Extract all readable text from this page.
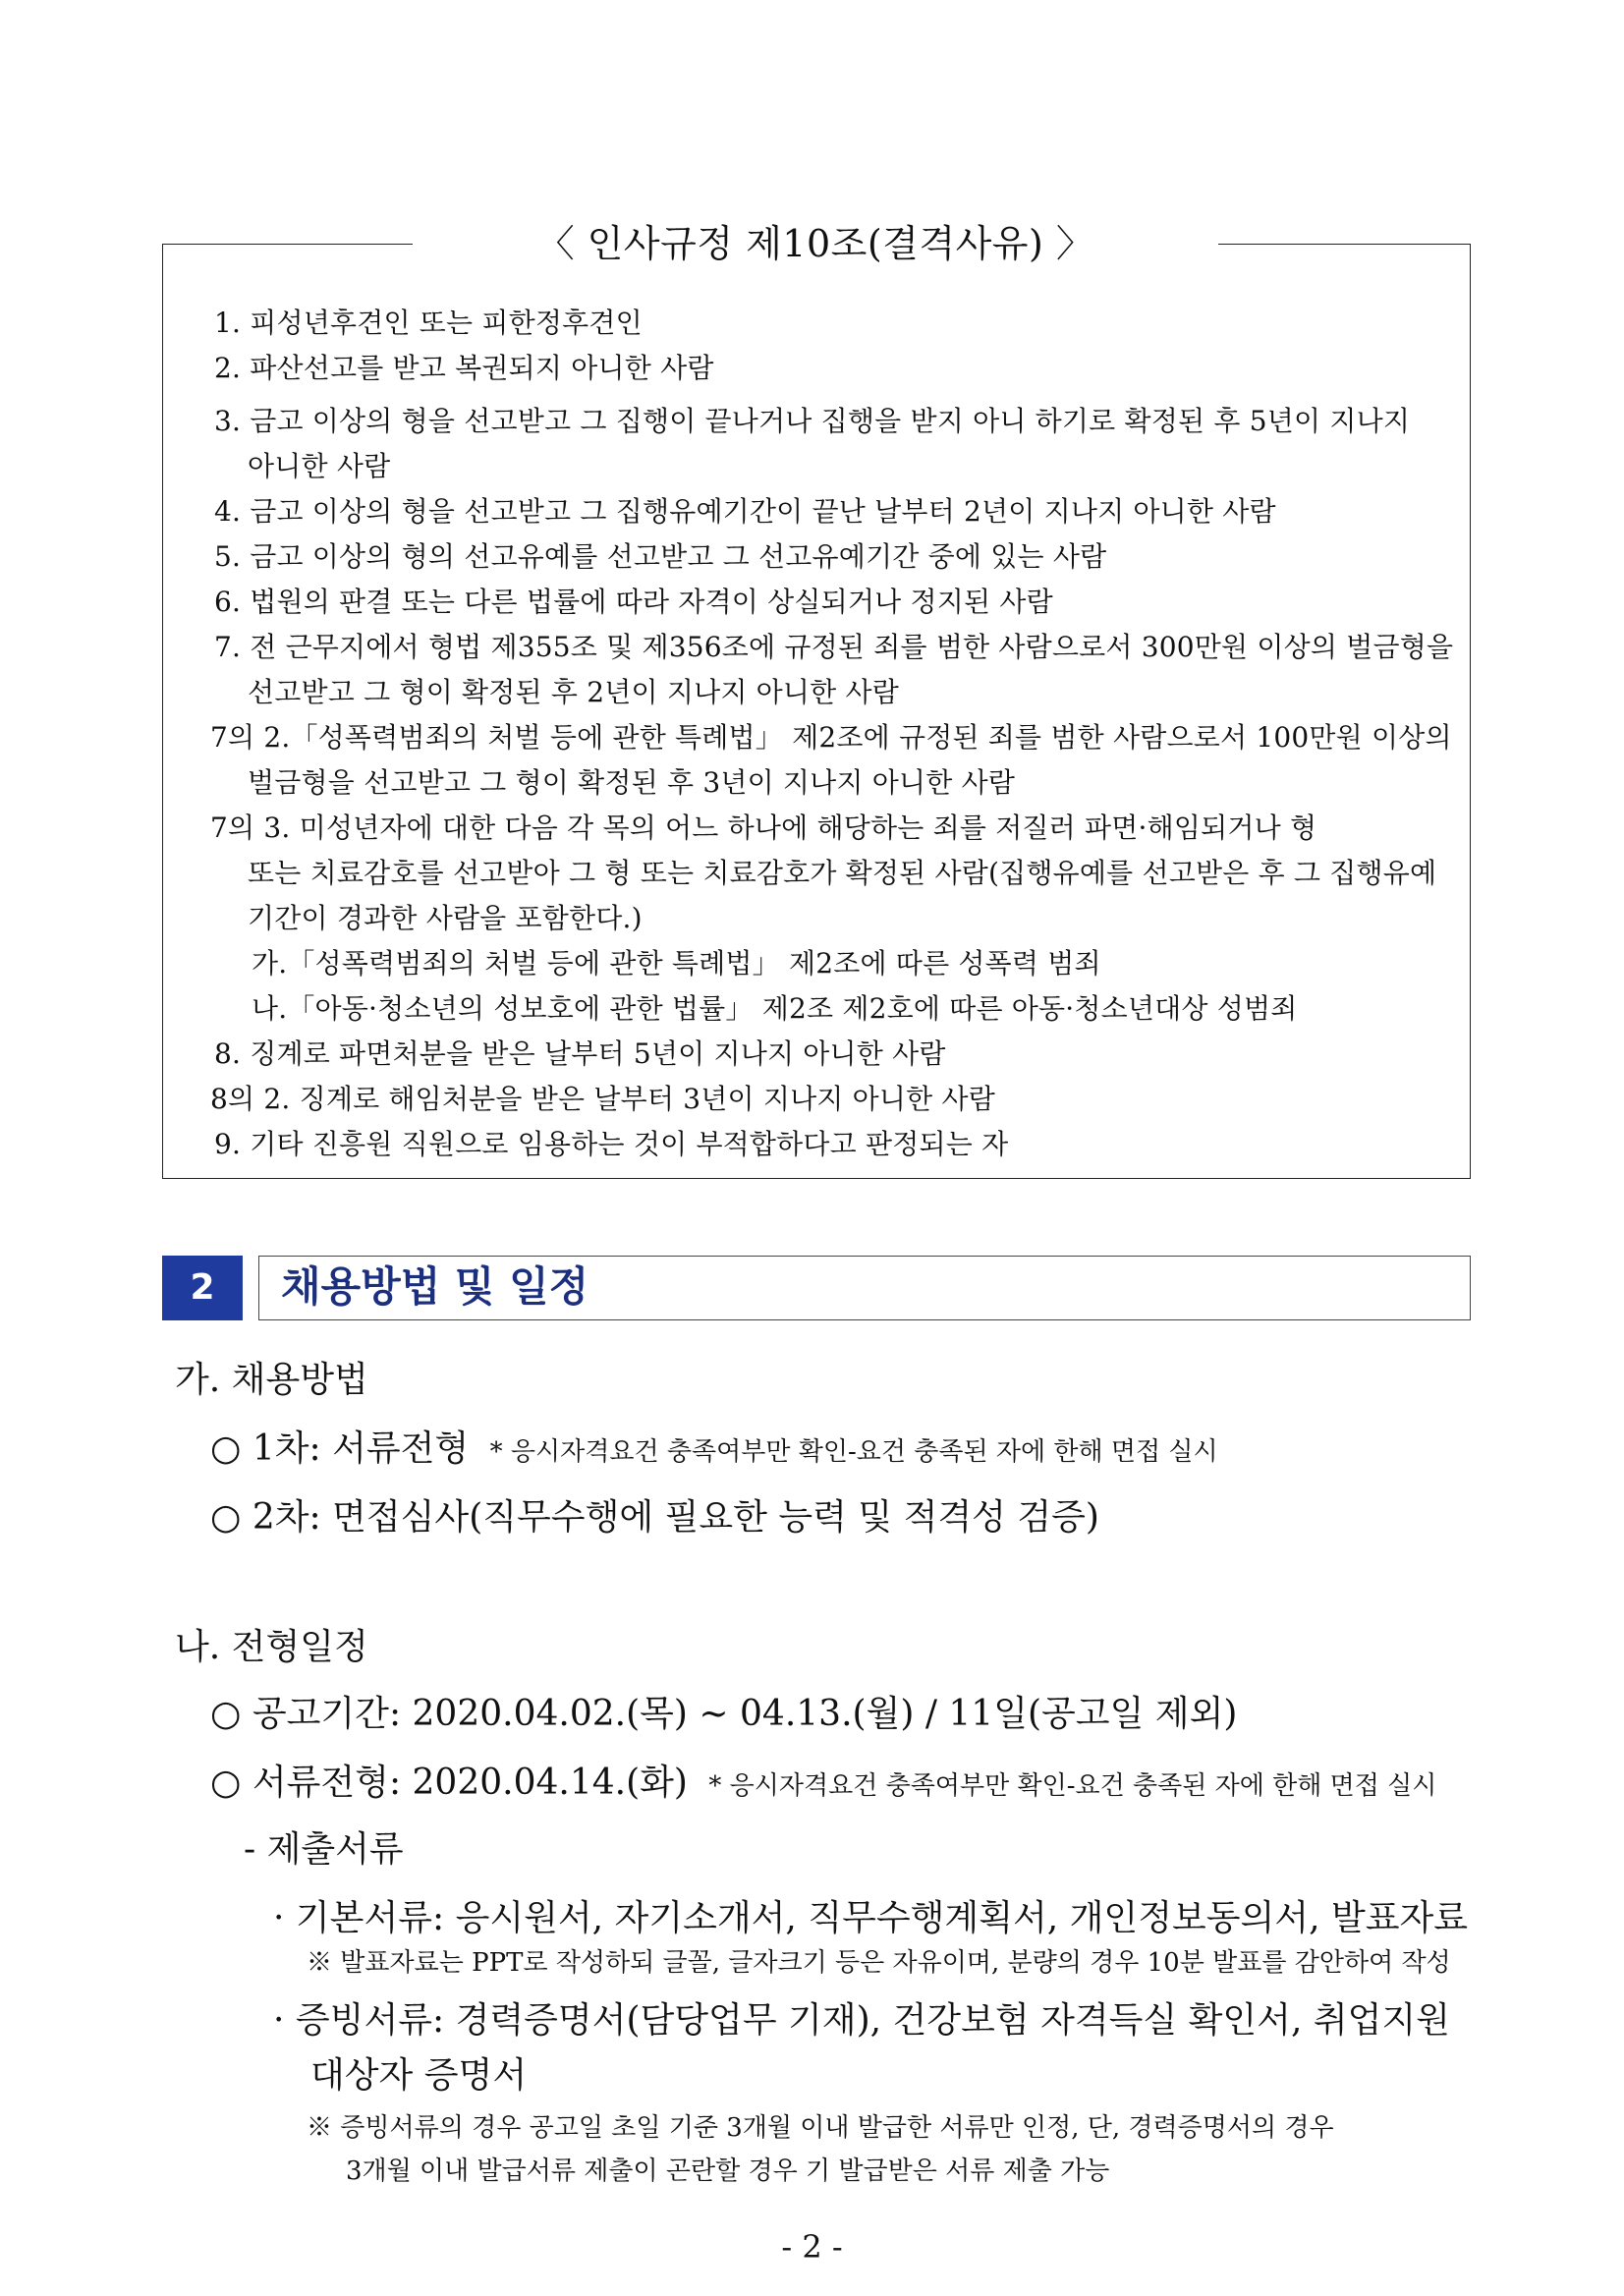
〈 인사규정 제10조(결격사유) 〉
1. 피성년후견인 또는 피한정후견인
2. 파산선고를 받고 복권되지 아니한 사람
3. 금고 이상의 형을 선고받고 그 집행이 끝나거나 집행을 받지 아니 하기로 확정된 후 5년이 지나지
아니한 사람
4. 금고 이상의 형을 선고받고 그 집행유예기간이 끝난 날부터 2년이 지나지 아니한 사람
5. 금고 이상의 형의 선고유예를 선고받고 그 선고유예기간 중에 있는 사람
6. 법원의 판결 또는 다른 법률에 따라 자격이 상실되거나 정지된 사람
7. 전 근무지에서 형법 제355조 및 제356조에 규정된 죄를 범한 사람으로서 300만원 이상의 벌금형을
선고받고 그 형이 확정된 후 2년이 지나지 아니한 사람
7의 2.「성폭력범죄의 처벌 등에 관한 특례법」 제2조에 규정된 죄를 범한 사람으로서 100만원 이상의
벌금형을 선고받고 그 형이 확정된 후 3년이 지나지 아니한 사람
7의 3. 미성년자에 대한 다음 각 목의 어느 하나에 해당하는 죄를 저질러 파면·해임되거나 형
또는 치료감호를 선고받아 그 형 또는 치료감호가 확정된 사람(집행유예를 선고받은 후 그 집행유예
기간이 경과한 사람을 포함한다.)
가.「성폭력범죄의 처벌 등에 관한 특례법」 제2조에 따른 성폭력 범죄
나.「아동·청소년의 성보호에 관한 법률」 제2조 제2호에 따른 아동·청소년대상 성범죄
8. 징계로 파면처분을 받은 날부터 5년이 지나지 아니한 사람
8의 2. 징계로 해임처분을 받은 날부터 3년이 지나지 아니한 사람
9. 기타 진흥원 직원으로 임용하는 것이 부적합하다고 판정되는 자
2	채용방법 및 일정
가. 채용방법
○ 1차: 서류전형 * 응시자격요건 충족여부만 확인-요건 충족된 자에 한해 면접 실시
○ 2차: 면접심사(직무수행에 필요한 능력 및 적격성 검증)
나. 전형일정
○ 공고기간: 2020.04.02.(목) ~ 04.13.(월) / 11일(공고일 제외)
○ 서류전형: 2020.04.14.(화) * 응시자격요건 충족여부만 확인-요건 충족된 자에 한해 면접 실시
- 제출서류
· 기본서류: 응시원서, 자기소개서, 직무수행계획서, 개인정보동의서, 발표자료
※ 발표자료는 PPT로 작성하되 글꼴, 글자크기 등은 자유이며, 분량의 경우 10분 발표를 감안하여 작성
· 증빙서류: 경력증명서(담당업무 기재), 건강보험 자격득실 확인서, 취업지원
대상자 증명서
※ 증빙서류의 경우 공고일 초일 기준 3개월 이내 발급한 서류만 인정, 단, 경력증명서의 경우
3개월 이내 발급서류 제출이 곤란할 경우 기 발급받은 서류 제출 가능
- 2 -
